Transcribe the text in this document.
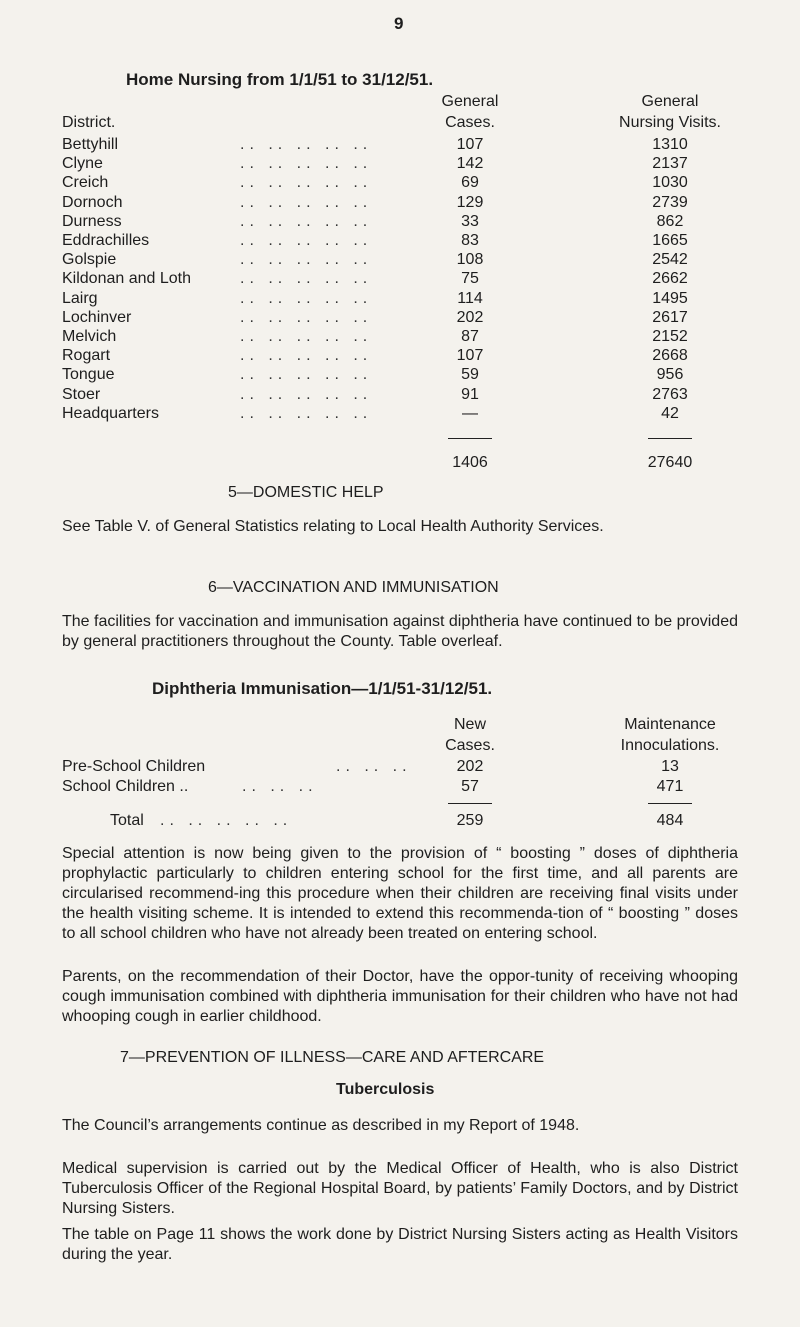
9
Home Nursing from 1/1/51 to 31/12/51.
General	General
District.	Cases.	Nursing Visits.
Bettyhill	.. .. .. .. ..	107	1310
Clyne	.. .. .. .. ..	142	2137
Creich	.. .. .. .. ..	69	1030
Dornoch	.. .. .. .. ..	129	2739
Durness	.. .. .. .. ..	33	862
Eddrachilles	.. .. .. .. ..	83	1665
Golspie	.. .. .. .. ..	108	2542
Kildonan and Loth	.. .. .. .. ..	75	2662
Lairg	.. .. .. .. ..	114	1495
Lochinver	.. .. .. .. ..	202	2617
Melvich	.. .. .. .. ..	87	2152
Rogart	.. .. .. .. ..	107	2668
Tongue	.. .. .. .. ..	59	956
Stoer	.. .. .. .. ..	91	2763
Headquarters	.. .. .. .. ..	—	42
1406	27640
5—DOMESTIC HELP
See Table V. of General Statistics relating to Local Health Authority Services.
6—VACCINATION AND IMMUNISATION
The facilities for vaccination and immunisation against diphtheria have continued to be provided by general practitioners throughout the County. Table overleaf.
Diphtheria Immunisation—1/1/51-31/12/51.
New	Maintenance
Cases.	Innoculations.
Pre-School Children	.. .. ..	202	13
School Children ..	.. .. ..	57	471
Total .. .. .. .. ..	259	484
Special attention is now being given to the provision of “ boosting ” doses of diphtheria prophylactic particularly to children entering school for the first time, and all parents are circularised recommend-ing this procedure when their children are receiving final visits under the health visiting scheme. It is intended to extend this recommenda-tion of “ boosting ” doses to all school children who have not already been treated on entering school.
Parents, on the recommendation of their Doctor, have the oppor-tunity of receiving whooping cough immunisation combined with diphtheria immunisation for their children who have not had whooping cough in earlier childhood.
7—PREVENTION OF ILLNESS—CARE AND AFTERCARE
Tuberculosis
The Council’s arrangements continue as described in my Report of 1948.
Medical supervision is carried out by the Medical Officer of Health, who is also District Tuberculosis Officer of the Regional Hospital Board, by patients’ Family Doctors, and by District Nursing Sisters.
The table on Page 11 shows the work done by District Nursing Sisters acting as Health Visitors during the year.
